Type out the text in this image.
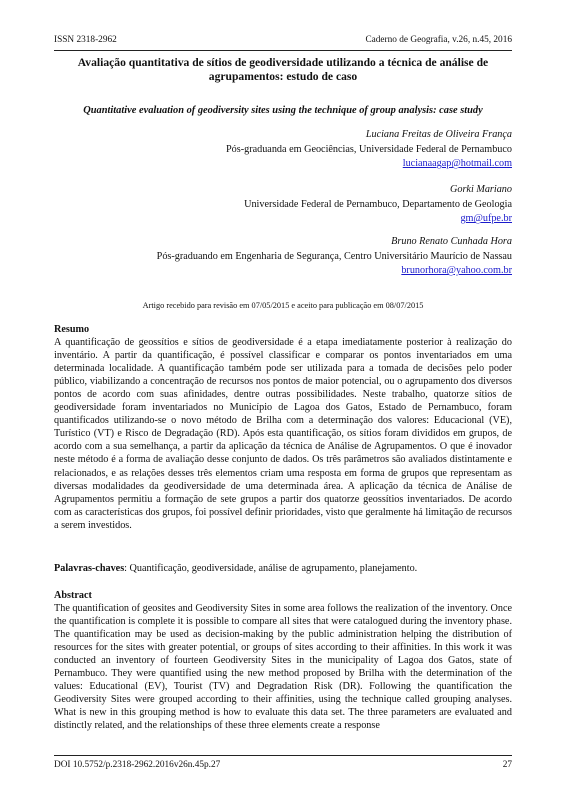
ISSN 2318-2962	Caderno de Geografia, v.26, n.45, 2016
Avaliação quantitativa de sítios de geodiversidade utilizando a técnica de análise de agrupamentos: estudo de caso
Quantitative evaluation of geodiversity sites using the technique of group analysis: case study
Luciana Freitas de Oliveira França
Pós-graduanda em Geociências, Universidade Federal de Pernambuco
lucianaagap@hotmail.com
Gorki Mariano
Universidade Federal de Pernambuco, Departamento de Geologia
gm@ufpe.br
Bruno Renato Cunhada Hora
Pós-graduando em Engenharia de Segurança, Centro Universitário Maurício de Nassau
brunorhora@yahoo.com.br
Artigo recebido para revisão em 07/05/2015 e aceito para publicação em 08/07/2015
Resumo

A quantificação de geossítios e sítios de geodiversidade é a etapa imediatamente posterior à realização do inventário. A partir da quantificação, é possível classificar e comparar os pontos inventariados em uma determinada localidade. A quantificação também pode ser utilizada para a tomada de decisões pelo poder público, viabilizando a concentração de recursos nos pontos de maior potencial, ou o agrupamento dos diversos pontos de acordo com suas afinidades, dentre outras possibilidades. Neste trabalho, quatorze sítios de geodiversidade foram inventariados no Município de Lagoa dos Gatos, Estado de Pernambuco, foram quantificados utilizando-se o novo método de Brilha com a determinação dos valores: Educacional (VE), Turístico (VT) e Risco de Degradação (RD). Após esta quantificação, os sítios foram divididos em grupos, de acordo com a sua semelhança, a partir da aplicação da técnica de Análise de Agrupamentos. O que é inovador neste método é a forma de avaliação desse conjunto de dados. Os três parâmetros são avaliados distintamente e relacionados, e as relações desses três elementos criam uma resposta em forma de grupos que representam as diversas modalidades da geodiversidade de uma determinada área. A aplicação da técnica de Análise de Agrupamentos permitiu a formação de sete grupos a partir dos quatorze geossítios inventariados. De acordo com as características dos grupos, foi possível definir prioridades, visto que geralmente há limitação de recursos a serem investidos.

Palavras-chaves: Quantificação, geodiversidade, análise de agrupamento, planejamento.
Abstract

The quantification of geosites and Geodiversity Sites in some area follows the realization of the inventory. Once the quantification is complete it is possible to compare all sites that were catalogued during the inventory phase. The quantification may be used as decision-making by the public administration helping the distribution of resources for the sites with greater potential, or groups of sites according to their affinities. In this work it was conducted an inventory of fourteen Geodiversity Sites in the municipality of Lagoa dos Gatos, state of Pernambuco. They were quantified using the new method proposed by Brilha with the determination of the values: Educational (EV), Tourist (TV) and Degradation Risk (DR). Following the quantification the Geodiversity Sites were grouped according to their affinities, using the technique called grouping analyses. What is new in this grouping method is how to evaluate this data set. The three parameters are evaluated and distinctly related, and the relationships of these three elements create a response

DOI 10.5752/p.2318-2962.2016v26n.45p.27	27
